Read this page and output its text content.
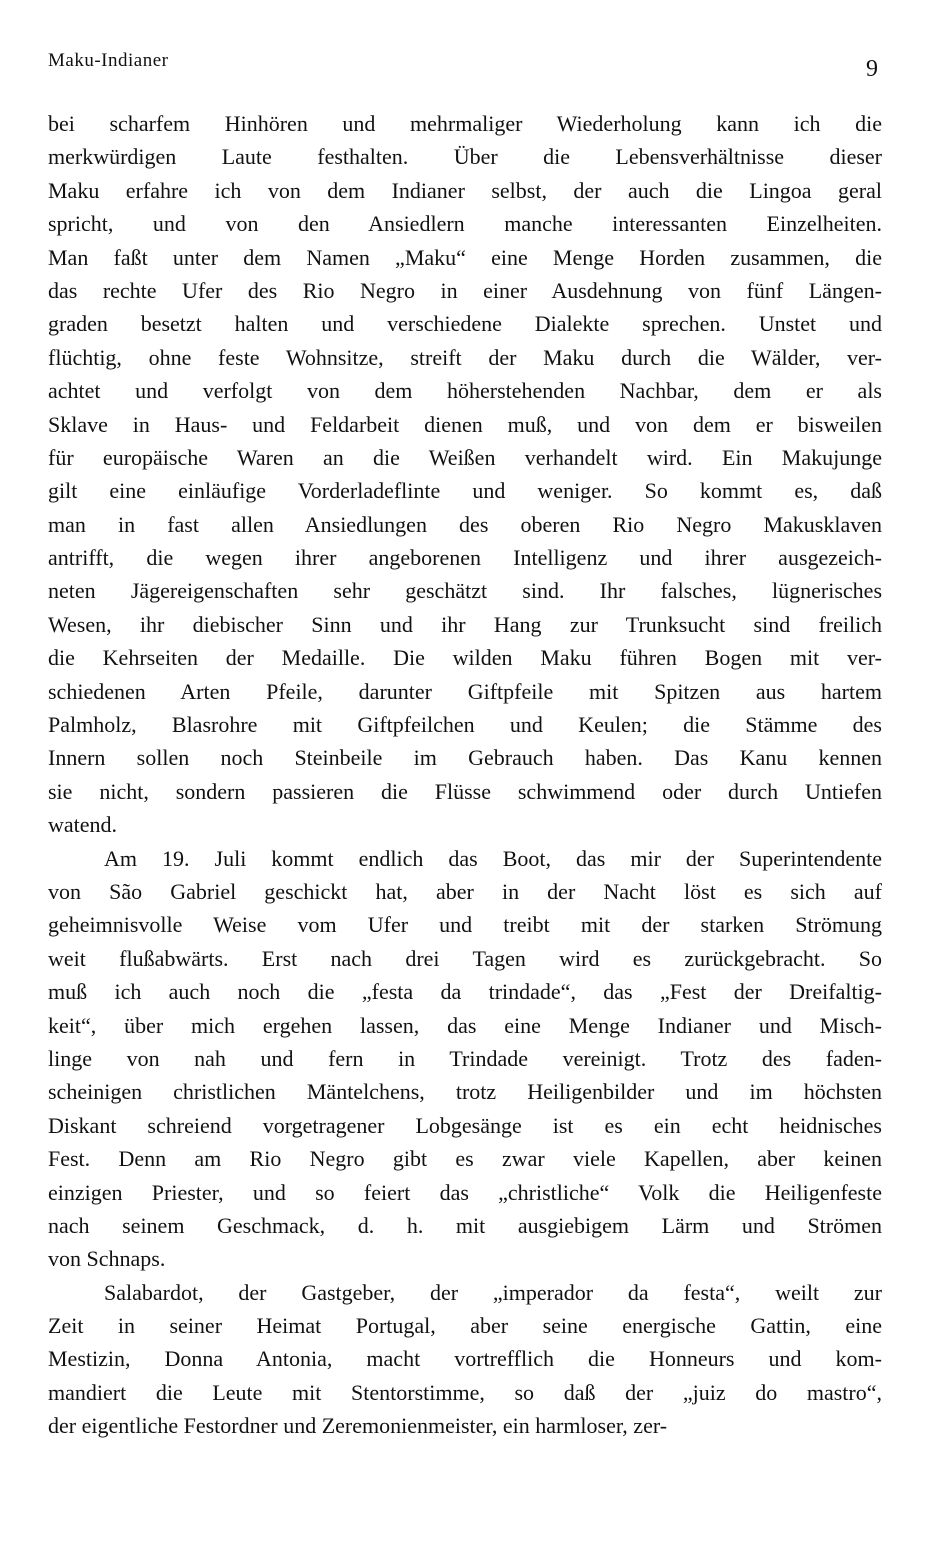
Maku-Indianer	9
bei scharfem Hinhören und mehrmaliger Wiederholung kann ich die
merkwürdigen Laute festhalten. Über die Lebensverhältnisse dieser
Maku erfahre ich von dem Indianer selbst, der auch die Lingoa geral
spricht, und von den Ansiedlern manche interessanten Einzelheiten.
Man faßt unter dem Namen „Maku“ eine Menge Horden zusammen, die
das rechte Ufer des Rio Negro in einer Ausdehnung von fünf Längen-
graden besetzt halten und verschiedene Dialekte sprechen. Unstet und
flüchtig, ohne feste Wohnsitze, streift der Maku durch die Wälder, ver-
achtet und verfolgt von dem höherstehenden Nachbar, dem er als
Sklave in Haus- und Feldarbeit dienen muß, und von dem er bisweilen
für europäische Waren an die Weißen verhandelt wird. Ein Makujunge
gilt eine einläufige Vorderladeflinte und weniger. So kommt es, daß
man in fast allen Ansiedlungen des oberen Rio Negro Makusklaven
antrifft, die wegen ihrer angeborenen Intelligenz und ihrer ausgezeich-
neten Jägereigenschaften sehr geschätzt sind. Ihr falsches, lügnerisches
Wesen, ihr diebischer Sinn und ihr Hang zur Trunksucht sind freilich
die Kehrseiten der Medaille. Die wilden Maku führen Bogen mit ver-
schiedenen Arten Pfeile, darunter Giftpfeile mit Spitzen aus hartem
Palmholz, Blasrohre mit Giftpfeilchen und Keulen; die Stämme des
Innern sollen noch Steinbeile im Gebrauch haben. Das Kanu kennen
sie nicht, sondern passieren die Flüsse schwimmend oder durch Untiefen
watend.
Am 19. Juli kommt endlich das Boot, das mir der Superintendente
von São Gabriel geschickt hat, aber in der Nacht löst es sich auf
geheimnisvolle Weise vom Ufer und treibt mit der starken Strömung
weit flußabwärts. Erst nach drei Tagen wird es zurückgebracht. So
muß ich auch noch die „festa da trindade“, das „Fest der Dreifaltig-
keit“, über mich ergehen lassen, das eine Menge Indianer und Misch-
linge von nah und fern in Trindade vereinigt. Trotz des faden-
scheinigen christlichen Mäntelchens, trotz Heiligenbilder und im höchsten
Diskant schreiend vorgetragener Lobgesänge ist es ein echt heidnisches
Fest. Denn am Rio Negro gibt es zwar viele Kapellen, aber keinen
einzigen Priester, und so feiert das „christliche“ Volk die Heiligenfeste
nach seinem Geschmack, d. h. mit ausgiebigem Lärm und Strömen
von Schnaps.
Salabardot, der Gastgeber, der „imperador da festa“, weilt zur
Zeit in seiner Heimat Portugal, aber seine energische Gattin, eine
Mestizin, Donna Antonia, macht vortrefflich die Honneurs und kom-
mandiert die Leute mit Stentorstimme, so daß der „juiz do mastro“,
der eigentliche Festordner und Zeremonienmeister, ein harmloser, zer-
